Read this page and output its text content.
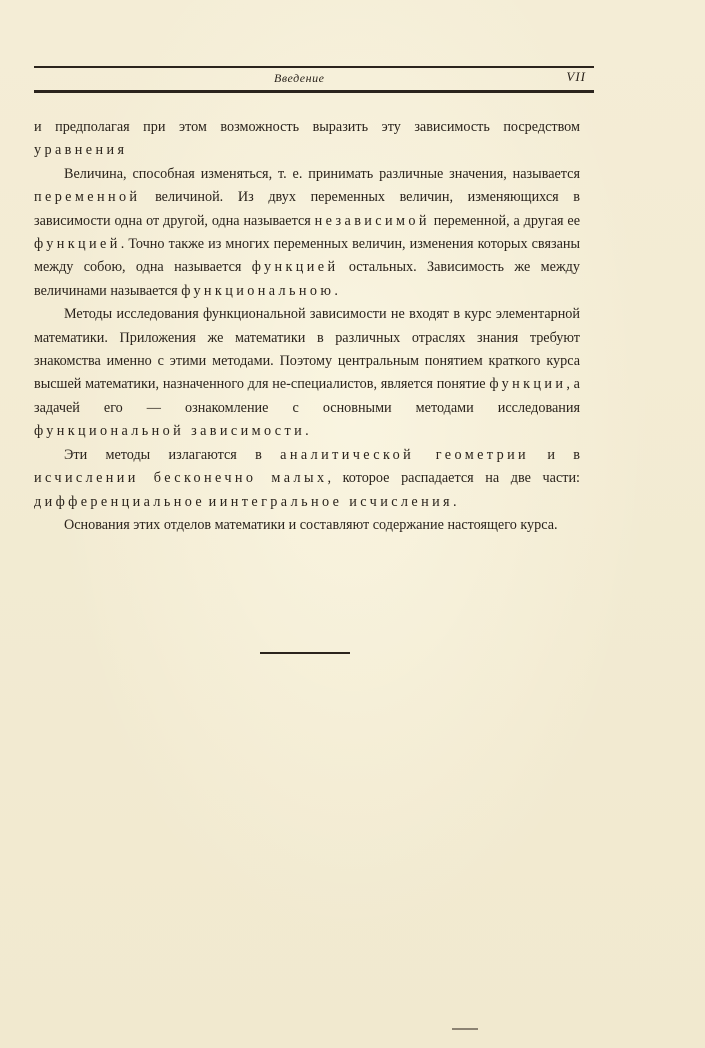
Введение	VII

и предполагая при этом возможность выразить эту зависимость посредством уравнения

Величина, способная изменяться, т. е. принимать различные значения, называется переменной величиной. Из двух переменных величин, изменяющихся в зависимости одна от другой, одна называется независимой переменной, а другая ее функцией. Точно также из многих переменных величин, изменения которых связаны между собою, одна называется функцией остальных. Зависимость же между величинами называется функциональною.

Методы исследования функциональной зависимости не входят в курс элементарной математики. Приложения же математики в различных отраслях знания требуют знакомства именно с этими методами. Поэтому центральным понятием краткого курса высшей математики, назначенного для не-специалистов, является понятие функции, а задачей его — ознакомление с основными методами исследования функциональной зависимости.

Эти методы излагаются в аналитической геометрии и в исчислении бесконечно малых, которое распадается на две части: дифференциальное и интегральное исчисления.

Основания этих отделов математики и составляют содержание настоящего курса.
